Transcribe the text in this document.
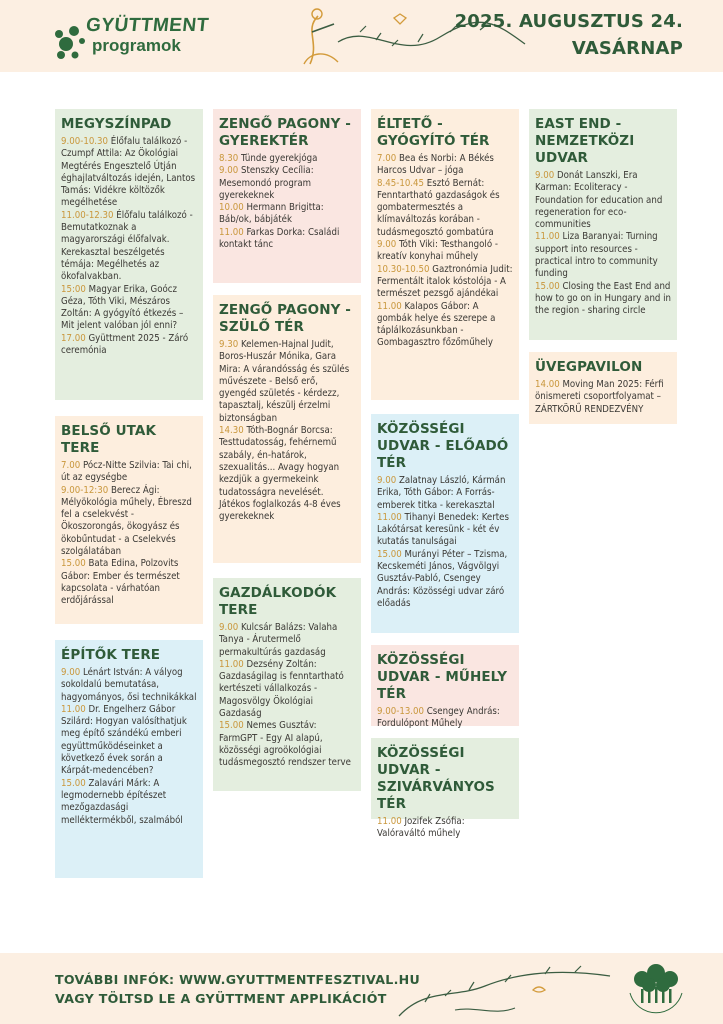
GYÜTTMENT
programok
2025. AUGUSZTUS 24.
VASÁRNAP
MEGYSZÍNPAD

9.00-10.30 Élőfalu találkozó - Czumpf Attila: Az Ökológiai Megtérés Engesztelő Útján éghajlatváltozás idején, Lantos Tamás: Vidékre költözők megélhetése

11.00-12.30 Élőfalu találkozó - Bemutatkoznak a magyarországi élőfalvak. Kerekasztal beszélgetés témája: Megélhetés az ökofalvakban.

15:00 Magyar Erika, Goócz Géza, Tóth Viki, Mészáros Zoltán: A gyógyító étkezés – Mit jelent valóban jól enni?

17.00 Gyüttment 2025 - Záró ceremónia

BELSŐ UTAK TERE

7.00 Pócz-Nitte Szilvia: Tai chi, út az egységbe

9.00-12:30 Berecz Ági: Mélyökológia műhely, Ébreszd fel a cselekvést - Ökoszorongás, ökogyász és ökobűntudat - a Cselekvés szolgálatában

15.00 Bata Edina, Polzovits Gábor: Ember és természet kapcsolata - várhatóan erdőjárással

ÉPÍTŐK TERE

9.00 Lénárt István: A vályog sokoldalú bemutatása, hagyományos, ősi technikákkal

11.00 Dr. Engelherz Gábor Szilárd: Hogyan valósíthatjuk meg építő szándékú emberi együttműködéseinket a következő évek során a Kárpát-medencében?

15.00 Zalavári Márk: A legmodernebb építészet mezőgazdasági melléktermékből, szalmából

ZENGŐ PAGONY - GYEREKTÉR

8.30 Tünde gyerekjóga

9.00 Stenszky Cecília: Mesemondó program gyerekeknek

10.00 Hermann Brigitta: Báb/ok, bábjáték

11.00 Farkas Dorka: Családi kontakt tánc

ZENGŐ PAGONY - SZÜLŐ TÉR

9.30 Kelemen-Hajnal Judit, Boros-Huszár Mónika, Gara Mira: A várandósság és szülés művészete - Belső erő, gyengéd születés - kérdezz, tapasztalj, készülj érzelmi biztonságban

14.30 Tóth-Bognár Borcsa: Testtudatosság, fehérnemű szabály, én-határok, szexualitás... Avagy hogyan kezdjük a gyermekeink tudatosságra nevelését. Játékos foglalkozás 4-8 éves gyerekeknek

GAZDÁLKODÓK TERE

9.00 Kulcsár Balázs: Valaha Tanya - Árutermelő permakultúrás gazdaság

11.00 Dezsény Zoltán: Gazdaságilag is fenntartható kertészeti vállalkozás - Magosvölgy Ökológiai Gazdaság

15.00 Nemes Gusztáv: FarmGPT - Egy AI alapú, közösségi agroökológiai tudásmegosztó rendszer terve

ÉLTETŐ - GYÓGYÍTÓ TÉR

7.00 Bea és Norbi: A Békés Harcos Udvar – jóga

8.45-10.45 Esztó Bernát: Fenntartható gazdaságok és gombatermesztés a klímaváltozás korában - tudásmegosztó gombatúra

9.00 Tóth Viki: Testhangoló - kreatív konyhai műhely

10.30-10.50 Gaztronómia Judit: Fermentált italok kóstolója - A természet pezsgő ajándékai

11.00 Kalapos Gábor: A gombák helye és szerepe a táplálkozásunkban - Gombagasztro főzőműhely

KÖZÖSSÉGI UDVAR - ELŐADÓ TÉR

9.00 Zalatnay László, Kármán Erika, Tóth Gábor: A Forrás-emberek titka - kerekasztal

11.00 Tihanyi Benedek: Kertes Lakótársat keresünk - két év kutatás tanulságai

15.00 Murányi Péter – Tzisma, Kecskeméti János, Vágvölgyi Gusztáv-Pabló, Csengey András: Közösségi udvar záró előadás

KÖZÖSSÉGI UDVAR - MŰHELY TÉR

9.00-13.00 Csengey András: Fordulópont Műhely

KÖZÖSSÉGI UDVAR - SZIVÁRVÁNYOS TÉR

11.00 Jozifek Zsófia: Valóraváltó műhely

EAST END - NEMZETKÖZI UDVAR

9.00 Donát Lanszki, Era Karman: Ecoliteracy - Foundation for education and regeneration for eco-communities

11.00 Liza Baranyai: Turning support into resources - practical intro to community funding

15.00 Closing the East End and how to go on in Hungary and in the region - sharing circle

ÜVEGPAVILON

14.00 Moving Man 2025: Férfi önismereti csoportfolyamat – ZÁRTKÖRŰ RENDEZVÉNY

TOVÁBBI INFÓK: WWW.GYUTTMENTFESZTIVAL.HU
VAGY TÖLTSD LE A GYÜTTMENT APPLIKÁCIÓT
